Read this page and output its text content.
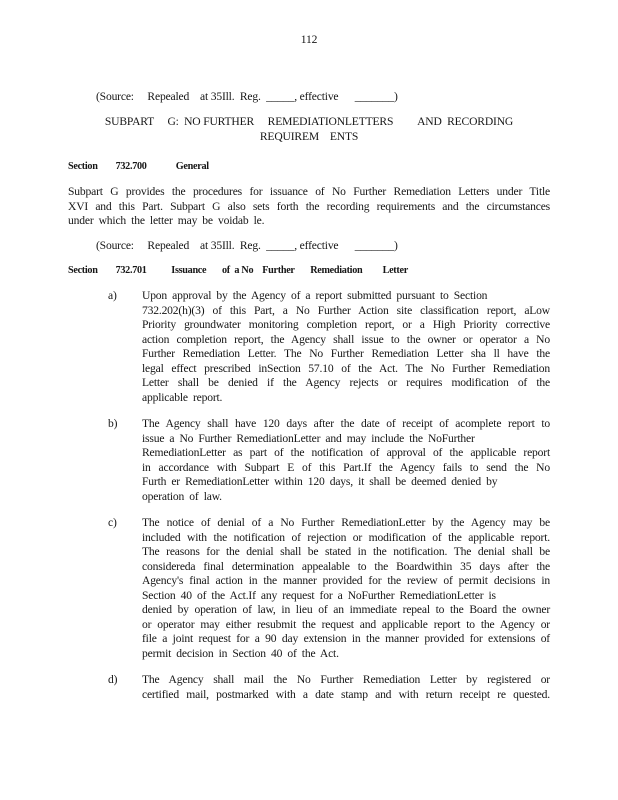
112
(Source:     Repealed    at 35Ill.  Reg.  _____, effective      _______)
SUBPART     G:  NO FURTHER     REMEDIATIONLETTERS         AND  RECORDING
REQUIREM    ENTS
Section        732.700             General
Subpart G provides the procedures for issuance of No Further Remediation Letters under Title
XVI and this Part. Subpart G also sets forth the recording requirements and the circumstances
under which the letter may be voidab le.
(Source:     Repealed    at 35Ill.  Reg.  _____, effective      _______)
Section        732.701           Issuance       of  a No    Further       Remediation         Letter
a)	Upon approval by the Agency of a report submitted pursuant to Section
732.202(h)(3) of this Part, a No Further Action site classification report, aLow
Priority groundwater monitoring completion report, or a High Priority corrective
action completion report, the Agency shall issue to the owner or operator a No
Further Remediation Letter. The No Further Remediation Letter sha ll have the
legal effect prescribed inSection 57.10 of the Act. The No Further Remediation
Letter shall be denied if the Agency rejects or requires modification of the
applicable report.
b)	The Agency shall have 120 days after the date of receipt of acomplete report to
issue a No Further RemediationLetter and may include the NoFurther
RemediationLetter as part of the notification of approval of the applicable report
in accordance with Subpart E of this Part.If the Agency fails to send the No
Furth er RemediationLetter within 120 days, it shall be deemed denied by
operation of law.
c)	The notice of denial of a No Further RemediationLetter by the Agency may be
included with the notification of rejection or modification of the applicable report.
The reasons for the denial shall be stated in the notification. The denial shall be
considereda final determination appealable to the Boardwithin 35 days after the
Agency's final action in the manner provided for the review of permit decisions in
Section 40 of the Act.If any request for a NoFurther RemediationLetter is
denied by operation of law, in lieu of an immediate repeal to the Board the owner
or operator may either resubmit the request and applicable report to the Agency or
file a joint request for a 90 day extension in the manner provided for extensions of
permit decision in Section 40 of the Act.
d)	The Agency shall mail the No Further Remediation Letter by registered or
certified mail, postmarked with a date stamp and with return receipt re quested.
